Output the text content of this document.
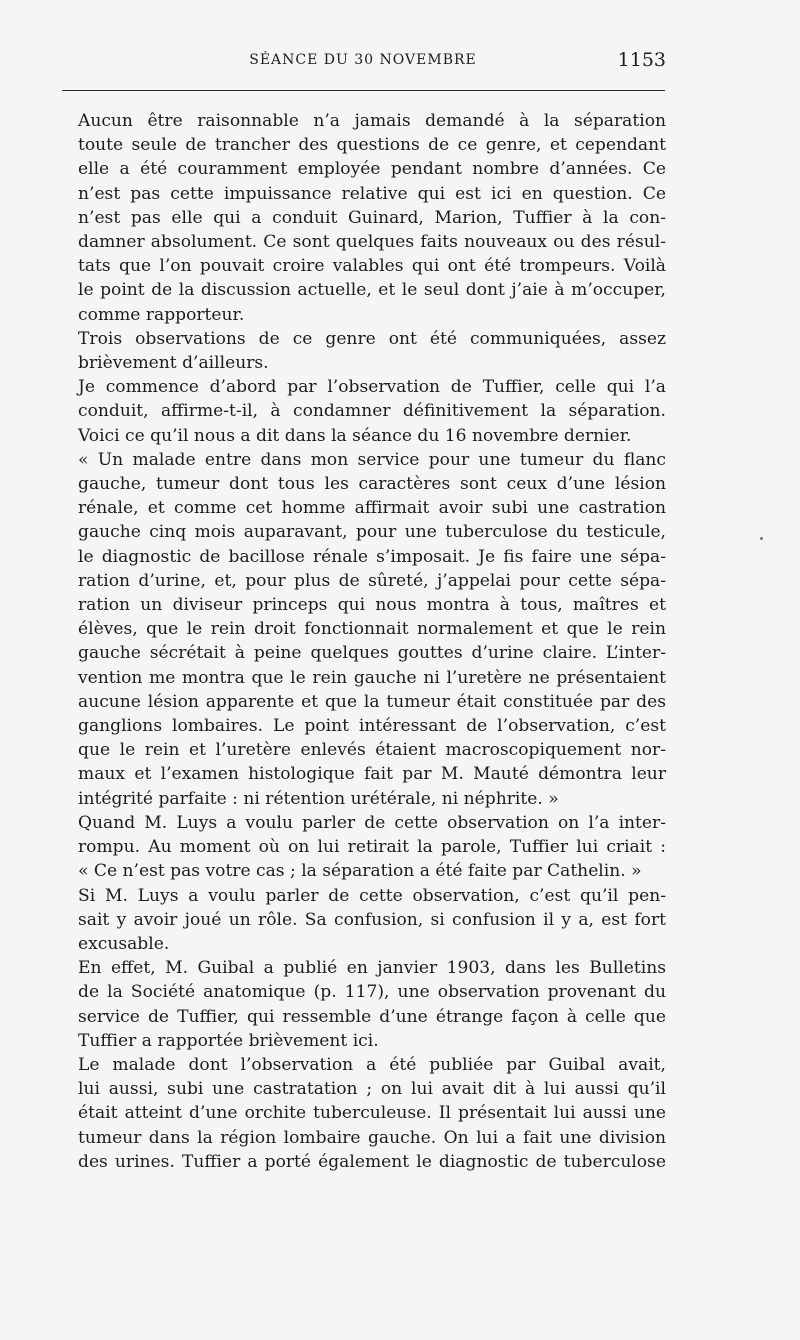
SÉANCE DU 30 NOVEMBRE	1153
Aucun être raisonnable n’a jamais demandé à la séparation
toute seule de trancher des questions de ce genre, et cependant
elle a été couramment employée pendant nombre d’années. Ce
n’est pas cette impuissance relative qui est ici en question. Ce
n’est pas elle qui a conduit Guinard, Marion, Tuffier à la con-
damner absolument. Ce sont quelques faits nouveaux ou des résul-
tats que l’on pouvait croire valables qui ont été trompeurs. Voilà
le point de la discussion actuelle, et le seul dont j’aie à m’occuper,
comme rapporteur.
Trois observations de ce genre ont été communiquées, assez
brièvement d’ailleurs.
Je commence d’abord par l’observation de Tuffier, celle qui l’a
conduit, affirme-t-il, à condamner définitivement la séparation.
Voici ce qu’il nous a dit dans la séance du 16 novembre dernier.
« Un malade entre dans mon service pour une tumeur du flanc
gauche, tumeur dont tous les caractères sont ceux d’une lésion
rénale, et comme cet homme affirmait avoir subi une castration
gauche cinq mois auparavant, pour une tuberculose du testicule,
le diagnostic de bacillose rénale s’imposait. Je fis faire une sépa-
ration d’urine, et, pour plus de sûreté, j’appelai pour cette sépa-
ration un diviseur princeps qui nous montra à tous, maîtres et
élèves, que le rein droit fonctionnait normalement et que le rein
gauche sécrétait à peine quelques gouttes d’urine claire. L’inter-
vention me montra que le rein gauche ni l’uretère ne présentaient
aucune lésion apparente et que la tumeur était constituée par des
ganglions lombaires. Le point intéressant de l’observation, c’est
que le rein et l’uretère enlevés étaient macroscopiquement nor-
maux et l’examen histologique fait par M. Mauté démontra leur
intégrité parfaite : ni rétention urétérale, ni néphrite. »
Quand M. Luys a voulu parler de cette observation on l’a inter-
rompu. Au moment où on lui retirait la parole, Tuffier lui criait :
« Ce n’est pas votre cas ; la séparation a été faite par Cathelin. »
Si M. Luys a voulu parler de cette observation, c’est qu’il pen-
sait y avoir joué un rôle. Sa confusion, si confusion il y a, est fort
excusable.
En effet, M. Guibal a publié en janvier 1903, dans les Bulletins
de la Société anatomique (p. 117), une observation provenant du
service de Tuffier, qui ressemble d’une étrange façon à celle que
Tuffier a rapportée brièvement ici.
Le malade dont l’observation a été publiée par Guibal avait,
lui aussi, subi une castratation ; on lui avait dit à lui aussi qu’il
était atteint d’une orchite tuberculeuse. Il présentait lui aussi une
tumeur dans la région lombaire gauche. On lui a fait une division
des urines. Tuffier a porté également le diagnostic de tuberculose
